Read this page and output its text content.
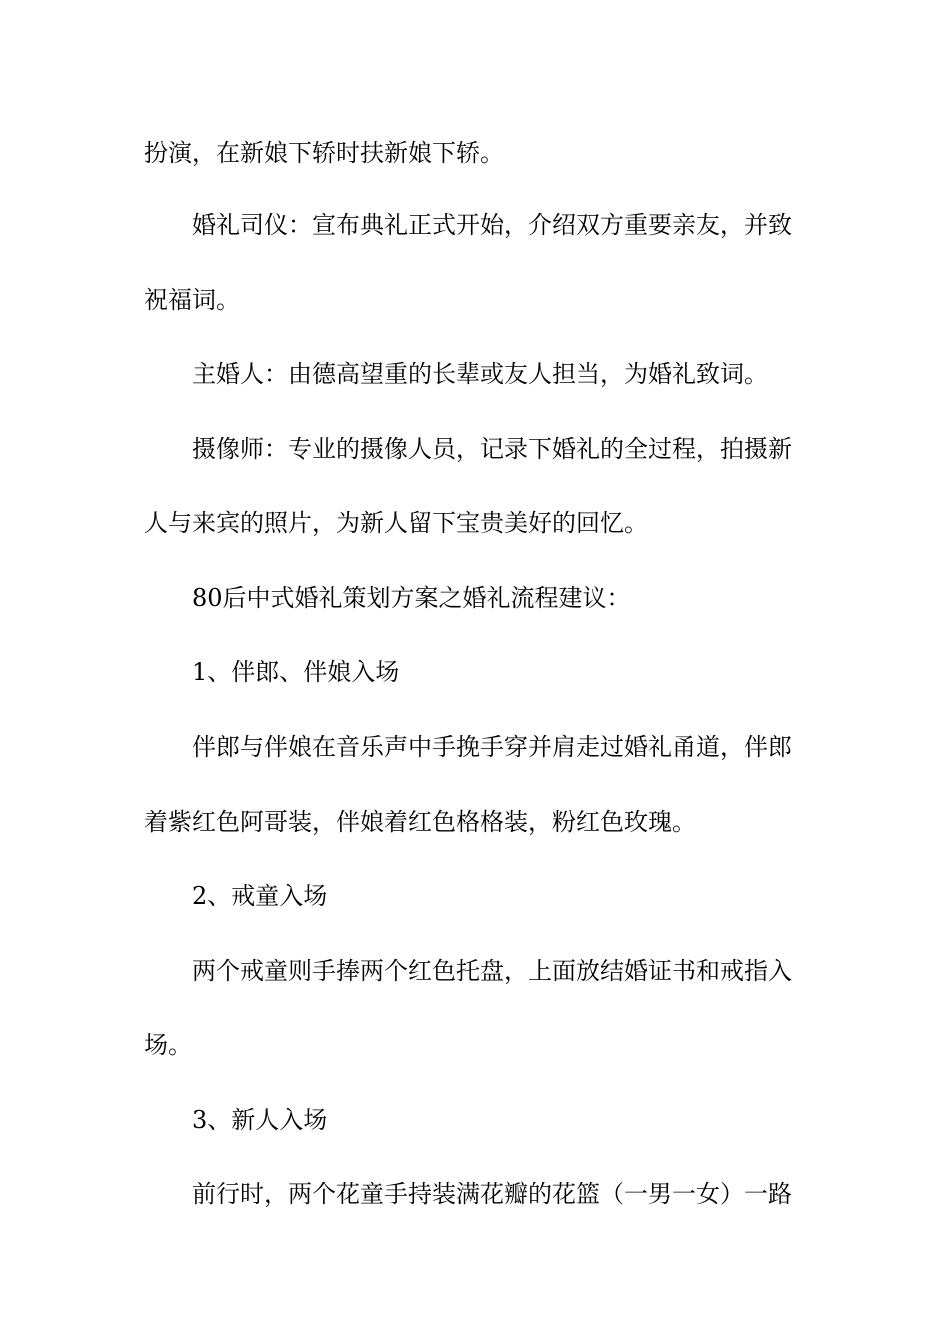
扮演，在新娘下轿时扶新娘下轿。
婚礼司仪：宣布典礼正式开始，介绍双方重要亲友，并致
祝福词。
主婚人：由德高望重的长辈或友人担当，为婚礼致词。
摄像师：专业的摄像人员，记录下婚礼的全过程，拍摄新
人与来宾的照片，为新人留下宝贵美好的回忆。
80后中式婚礼策划方案之婚礼流程建议：
1、伴郎、伴娘入场
伴郎与伴娘在音乐声中手挽手穿并肩走过婚礼甬道，伴郎
着紫红色阿哥装，伴娘着红色格格装，粉红色玫瑰。
2、戒童入场
两个戒童则手捧两个红色托盘，上面放结婚证书和戒指入
场。
3、新人入场
前行时，两个花童手持装满花瓣的花篮（一男一女）一路
